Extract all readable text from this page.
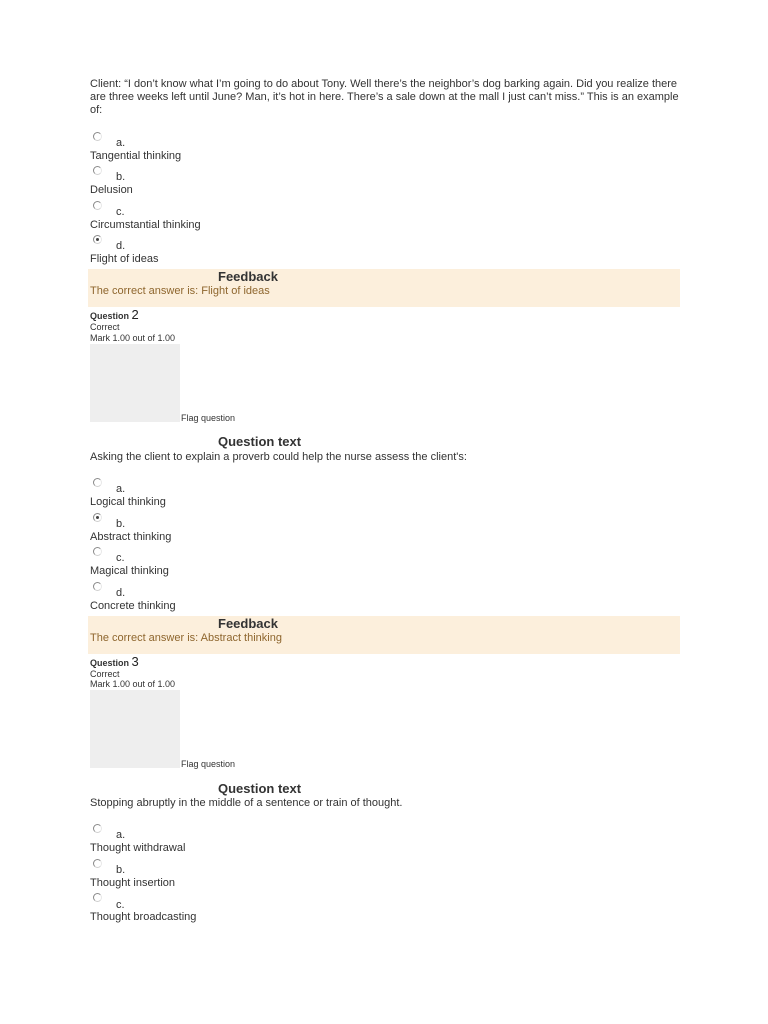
Client: “I don’t know what I’m going to do about Tony. Well there’s the neighbor’s dog barking again. Did you realize there are three weeks left until June? Man, it’s hot in here. There’s a sale down at the mall I just can’t miss.” This is an example of:
a.
Tangential thinking
b.
Delusion
c.
Circumstantial thinking
d.
Flight of ideas
Feedback
The correct answer is: Flight of ideas
Question 2
Correct
Mark 1.00 out of 1.00
Flag question
Question text
Asking the client to explain a proverb could help the nurse assess the client's:
a.
Logical thinking
b.
Abstract thinking
c.
Magical thinking
d.
Concrete thinking
Feedback
The correct answer is: Abstract thinking
Question 3
Correct
Mark 1.00 out of 1.00
Flag question
Question text
Stopping abruptly in the middle of a sentence or train of thought.
a.
Thought withdrawal
b.
Thought insertion
c.
Thought broadcasting
